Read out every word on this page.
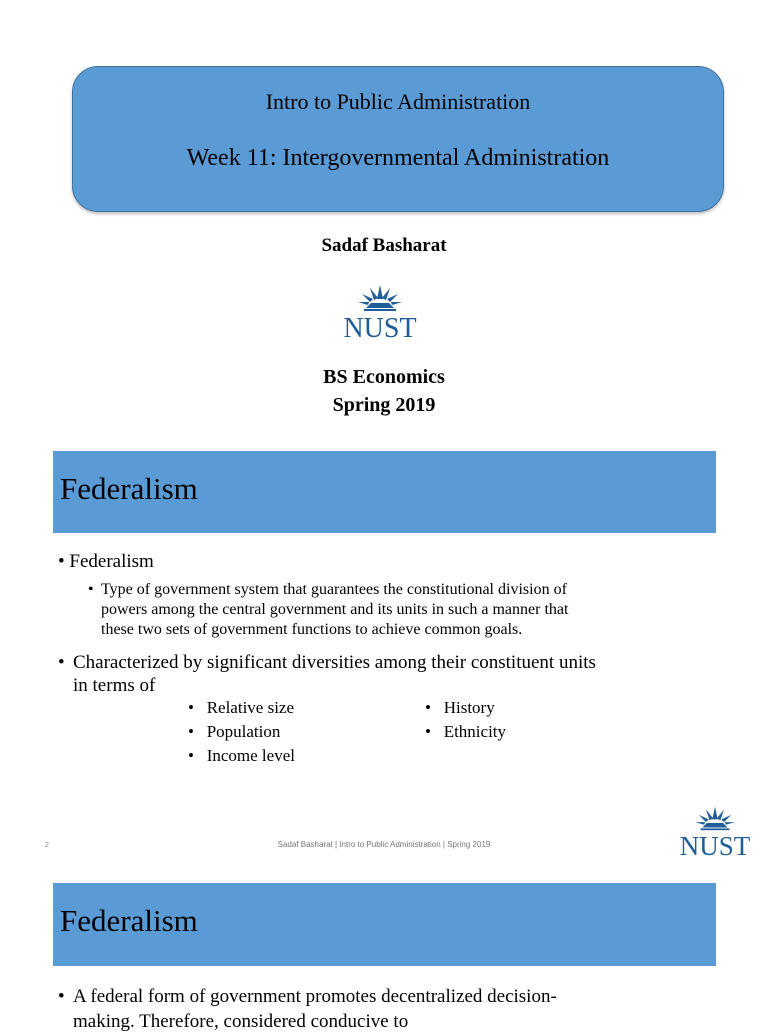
Intro to Public Administration
Week 11: Intergovernmental Administration
Sadaf Basharat
NUST
BS Economics
Spring 2019
Federalism
• Federalism
• Type of government system that guarantees the constitutional division of
powers among the central government and its units in such a manner that
these two sets of government functions to achieve common goals.
• Characterized by significant diversities among their constituent units
in terms of
•   Relative size
•   Population
•   Income level
•   History
•   Ethnicity
2	Sadaf Basharat | Intro to Public Administration | Spring 2019	NUST
Federalism
• A federal form of government promotes decentralized decision-
making. Therefore, considered conducive to
